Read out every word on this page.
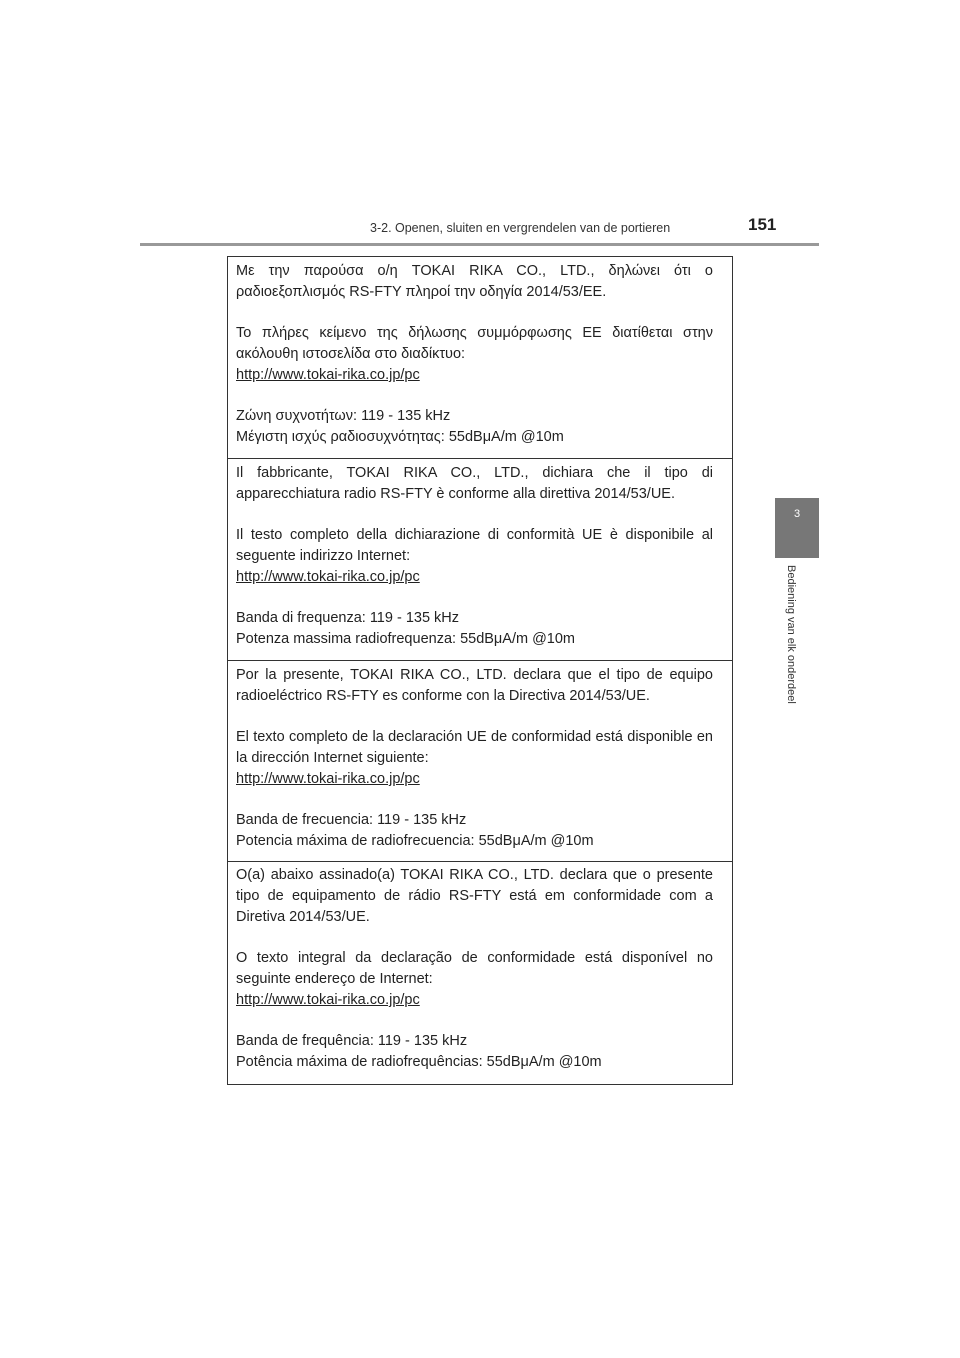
3-2. Openen, sluiten en vergrendelen van de portieren	151
3
Bediening van elk onderdeel

Με την παρούσα ο/η TOKAI RIKA CO., LTD., δηλώνει ότι ο ραδιοεξοπλισμός RS-FTY πληροί την οδηγία 2014/53/ΕΕ.

Το πλήρες κείμενο της δήλωσης συμμόρφωσης ΕΕ διατίθεται στην ακόλουθη ιστοσελίδα στο διαδίκτυο:

http://www.tokai-rika.co.jp/pc

Ζώνη συχνοτήτων: 119 - 135 kHz

Μέγιστη ισχύς ραδιοσυχνότητας: 55dBμA/m @10m

Il fabbricante, TOKAI RIKA CO., LTD., dichiara che il tipo di apparecchiatura radio RS-FTY è conforme alla direttiva 2014/53/UE.

Il testo completo della dichiarazione di conformità UE è disponibile al seguente indirizzo Internet:

http://www.tokai-rika.co.jp/pc

Banda di frequenza: 119 - 135 kHz

Potenza massima radiofrequenza: 55dBμA/m @10m

Por la presente, TOKAI RIKA CO., LTD. declara que el tipo de equipo radioeléctrico RS-FTY es conforme con la Directiva 2014/53/UE.

El texto completo de la declaración UE de conformidad está disponible en la dirección Internet siguiente:

http://www.tokai-rika.co.jp/pc

Banda de frecuencia: 119 - 135 kHz

Potencia máxima de radiofrecuencia: 55dBμA/m @10m

O(a) abaixo assinado(a) TOKAI RIKA CO., LTD. declara que o presente tipo de equipamento de rádio RS-FTY está em conformidade com a Diretiva 2014/53/UE.

O texto integral da declaração de conformidade está disponível no seguinte endereço de Internet:

http://www.tokai-rika.co.jp/pc

Banda de frequência: 119 - 135 kHz

Potência máxima de radiofrequências: 55dBμA/m @10m
